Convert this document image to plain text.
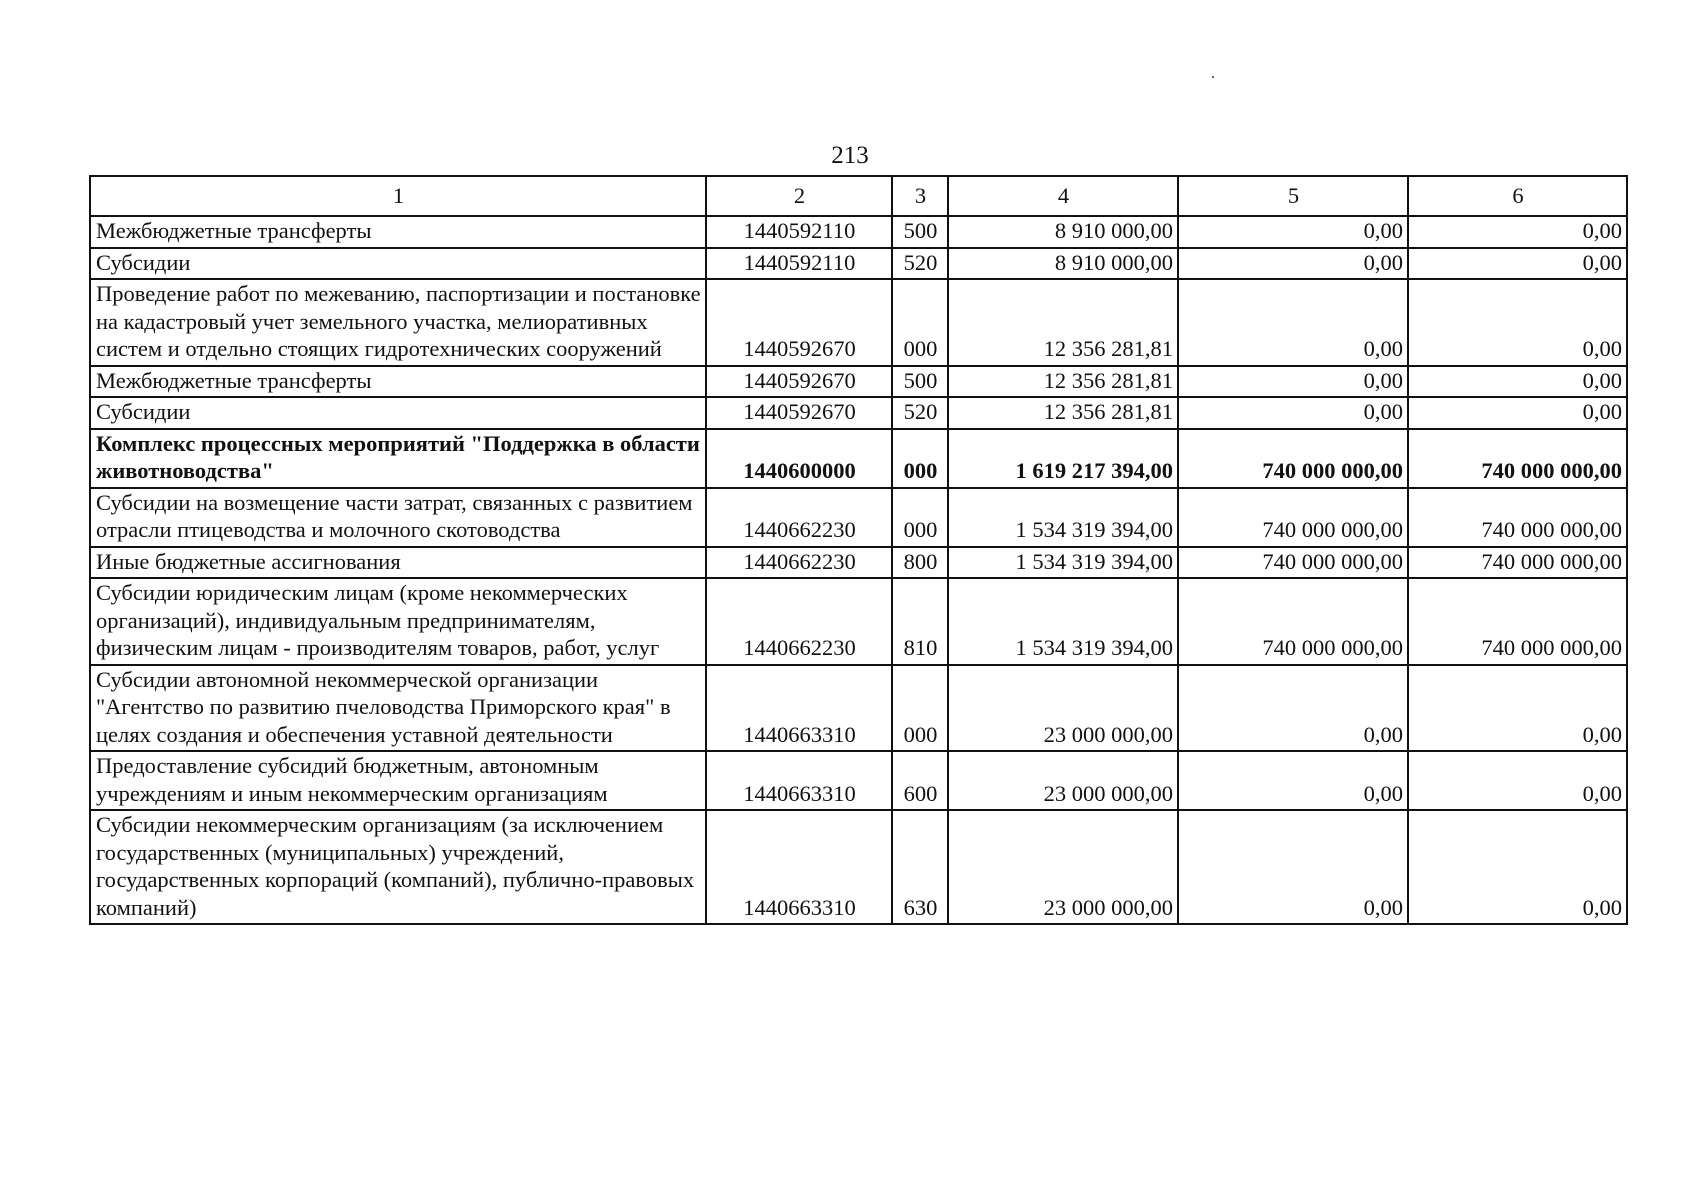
213
1	2	3	4	5	6
Межбюджетные трансферты	1440592110	500	8 910 000,00	0,00	0,00
Субсидии	1440592110	520	8 910 000,00	0,00	0,00
Проведение работ по межеванию, паспортизации и постановке на кадастровый учет земельного участка, мелиоративных систем и отдельно стоящих гидротехнических сооружений	1440592670	000	12 356 281,81	0,00	0,00
Межбюджетные трансферты	1440592670	500	12 356 281,81	0,00	0,00
Субсидии	1440592670	520	12 356 281,81	0,00	0,00
Комплекс процессных мероприятий "Поддержка в области животноводства"	1440600000	000	1 619 217 394,00	740 000 000,00	740 000 000,00
Субсидии на возмещение части затрат, связанных с развитием отрасли птицеводства и молочного скотоводства	1440662230	000	1 534 319 394,00	740 000 000,00	740 000 000,00
Иные бюджетные ассигнования	1440662230	800	1 534 319 394,00	740 000 000,00	740 000 000,00
Субсидии юридическим лицам (кроме некоммерческих организаций), индивидуальным предпринимателям, физическим лицам - производителям товаров, работ, услуг	1440662230	810	1 534 319 394,00	740 000 000,00	740 000 000,00
Субсидии автономной некоммерческой организации "Агентство по развитию пчеловодства Приморского края" в целях создания и обеспечения уставной деятельности	1440663310	000	23 000 000,00	0,00	0,00
Предоставление субсидий бюджетным, автономным учреждениям и иным некоммерческим организациям	1440663310	600	23 000 000,00	0,00	0,00
Субсидии некоммерческим организациям (за исключением государственных (муниципальных) учреждений, государственных корпораций (компаний), публично-правовых компаний)	1440663310	630	23 000 000,00	0,00	0,00
